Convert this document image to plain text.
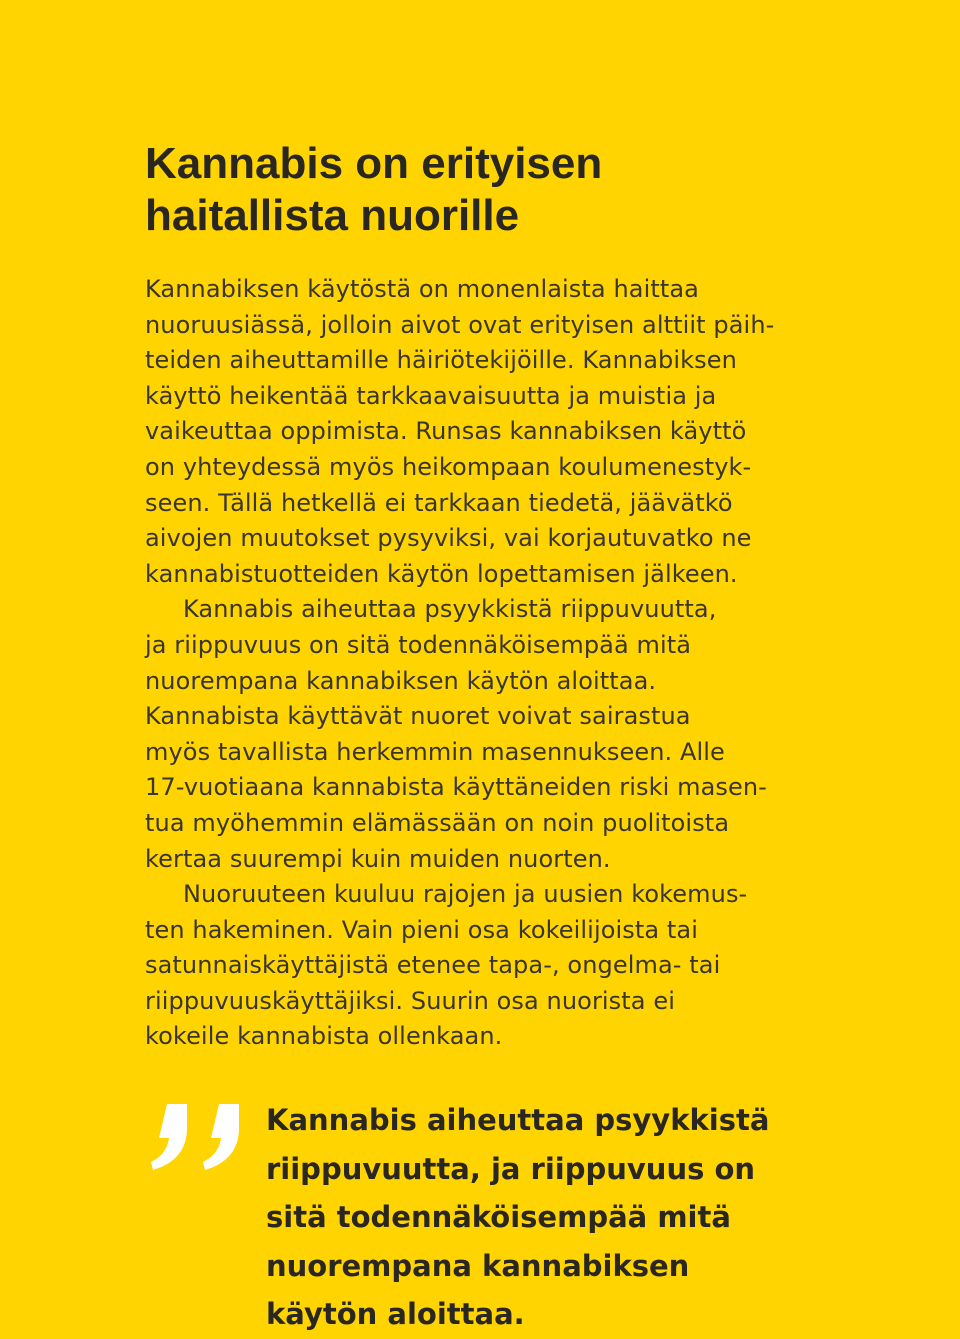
Kannabis on erityisen
haitallista nuorille
Kannabiksen käytöstä on monenlaista haittaa
nuoruusiässä, jolloin aivot ovat erityisen alttiit päih-
teiden aiheuttamille häiriötekijöille. Kannabiksen
käyttö heikentää tarkkaavaisuutta ja muistia ja
vaikeuttaa oppimista. Runsas kannabiksen käyttö
on yhteydessä myös heikompaan koulumenestyk-
seen. Tällä hetkellä ei tarkkaan tiedetä, jäävätkö
aivojen muutokset pysyviksi, vai korjautuvatko ne
kannabistuotteiden käytön lopettamisen jälkeen.
Kannabis aiheuttaa psyykkistä riippuvuutta,
ja riippuvuus on sitä todennäköisempää mitä
nuorempana kannabiksen käytön aloittaa.
Kannabista käyttävät nuoret voivat sairastua
myös tavallista herkemmin masennukseen. Alle
17-vuotiaana kannabista käyttäneiden riski masen-
tua myöhemmin elämässään on noin puolitoista
kertaa suurempi kuin muiden nuorten.
Nuoruuteen kuuluu rajojen ja uusien kokemus-
ten hakeminen. Vain pieni osa kokeilijoista tai
satunnaiskäyttäjistä etenee tapa-, ongelma- tai
riippuvuuskäyttäjiksi. Suurin osa nuorista ei
kokeile kannabista ollenkaan.
Kannabis aiheuttaa psyykkistä
riippuvuutta, ja riippuvuus on
sitä todennäköisempää mitä
nuorempana kannabiksen
käytön aloittaa.
